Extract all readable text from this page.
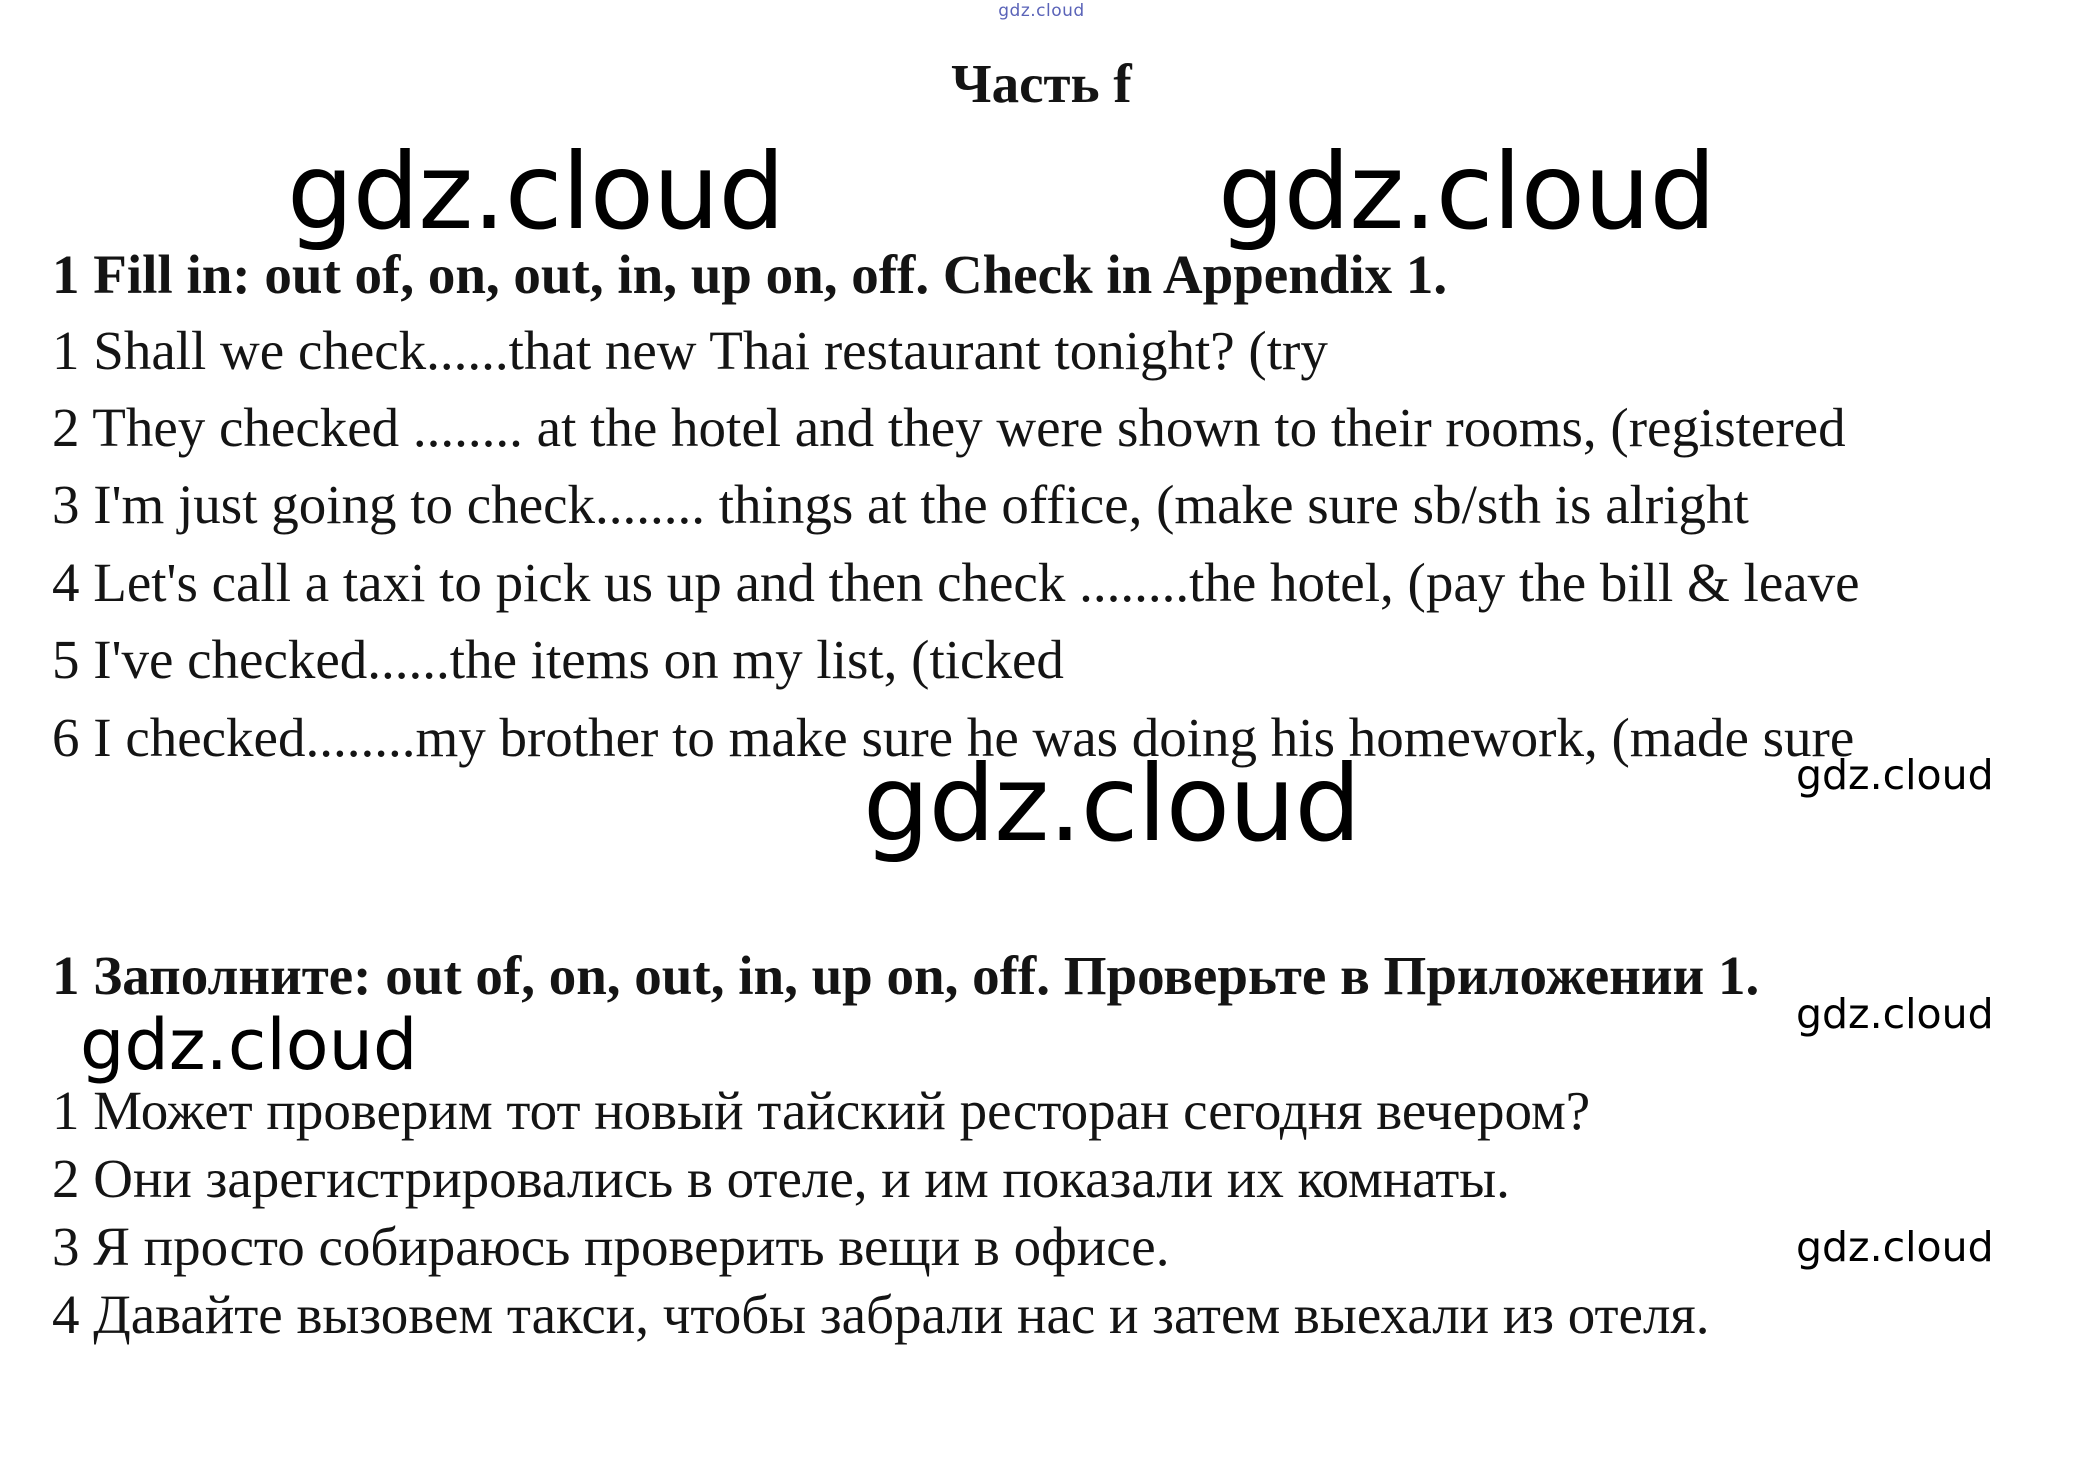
gdz.cloud
Часть f
gdz.cloud	gdz.cloud
1 Fill in: out of, on, out, in, up on, off. Check in Appendix 1.
1 Shall we check......that new Thai restaurant tonight? (try
2 They checked ........ at the hotel and they were shown to their rooms, (registered
3 I'm just going to check........ things at the office, (make sure sb/sth is alright
4 Let's call a taxi to pick us up and then check ........the hotel, (pay the bill & leave
5 I've checked......the items on my list, (ticked
6 I checked........my brother to make sure he was doing his homework, (made sure
gdz.cloud
gdz.cloud
1 Заполните: out of, on, out, in, up on, off. Проверьте в Приложении 1.
gdz.cloud	gdz.cloud
1 Может проверим тот новый тайский ресторан сегодня вечером?
2 Они зарегистрировались в отеле, и им показали их комнаты.
3 Я просто собираюсь проверить вещи в офисе.
4 Давайте вызовем такси, чтобы забрали нас и затем выехали из отеля.
gdz.cloud
